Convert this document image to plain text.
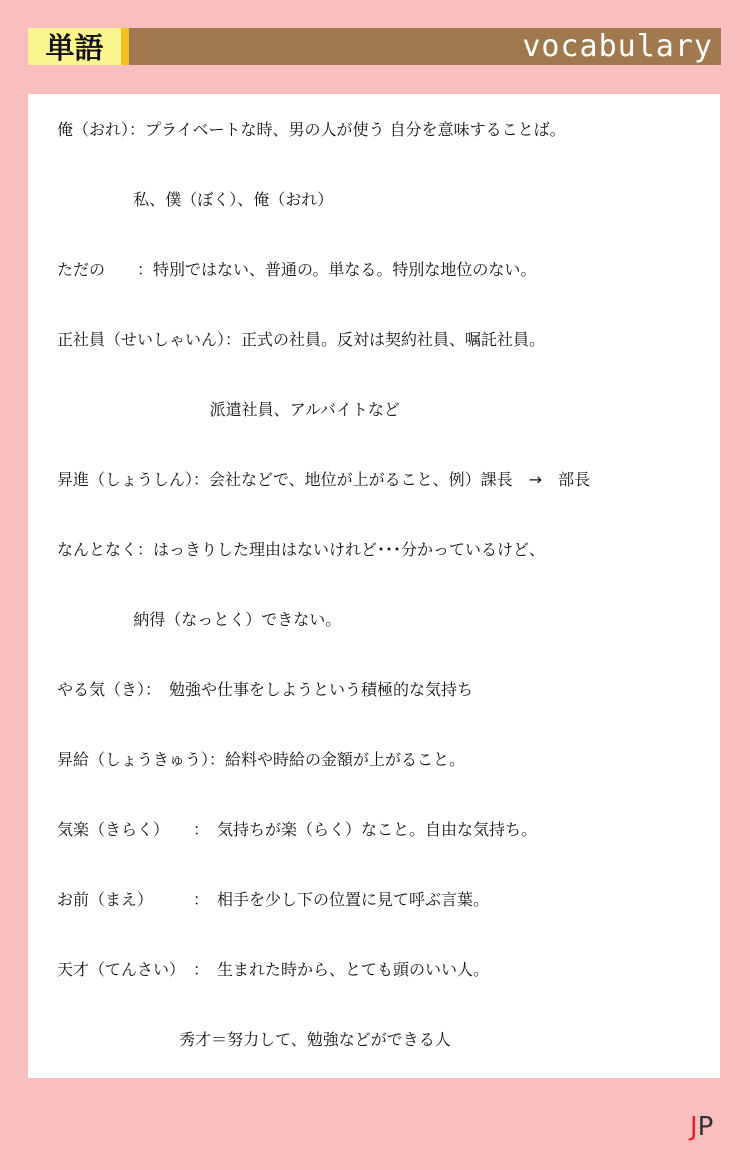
単語	vocabulary
俺（おれ）：プライベートな時、男の人が使う 自分を意味することば。
私、僕（ぼく）、俺（おれ）
ただの　　：特別ではない、普通の。単なる。特別な地位のない。
正社員（せいしゃいん）：正式の社員。反対は契約社員、嘱託社員。
派遣社員、アルバイトなど
昇進（しょうしん）：会社などで、地位が上がること、例）課長　→　部長
なんとなく：はっきりした理由はないけれど･･･分かっているけど、
納得（なっとく）できない。
やる気（き）：　勉強や仕事をしようという積極的な気持ち
昇給（しょうきゅう）：給料や時給の金額が上がること。
気楽（きらく）　　：　気持ちが楽（らく）なこと。自由な気持ち。
お前（まえ）　　　：　相手を少し下の位置に見て呼ぶ言葉。
天才（てんさい）　：　生まれた時から、とても頭のいい人。
秀才＝努力して、勉強などができる人
JP
